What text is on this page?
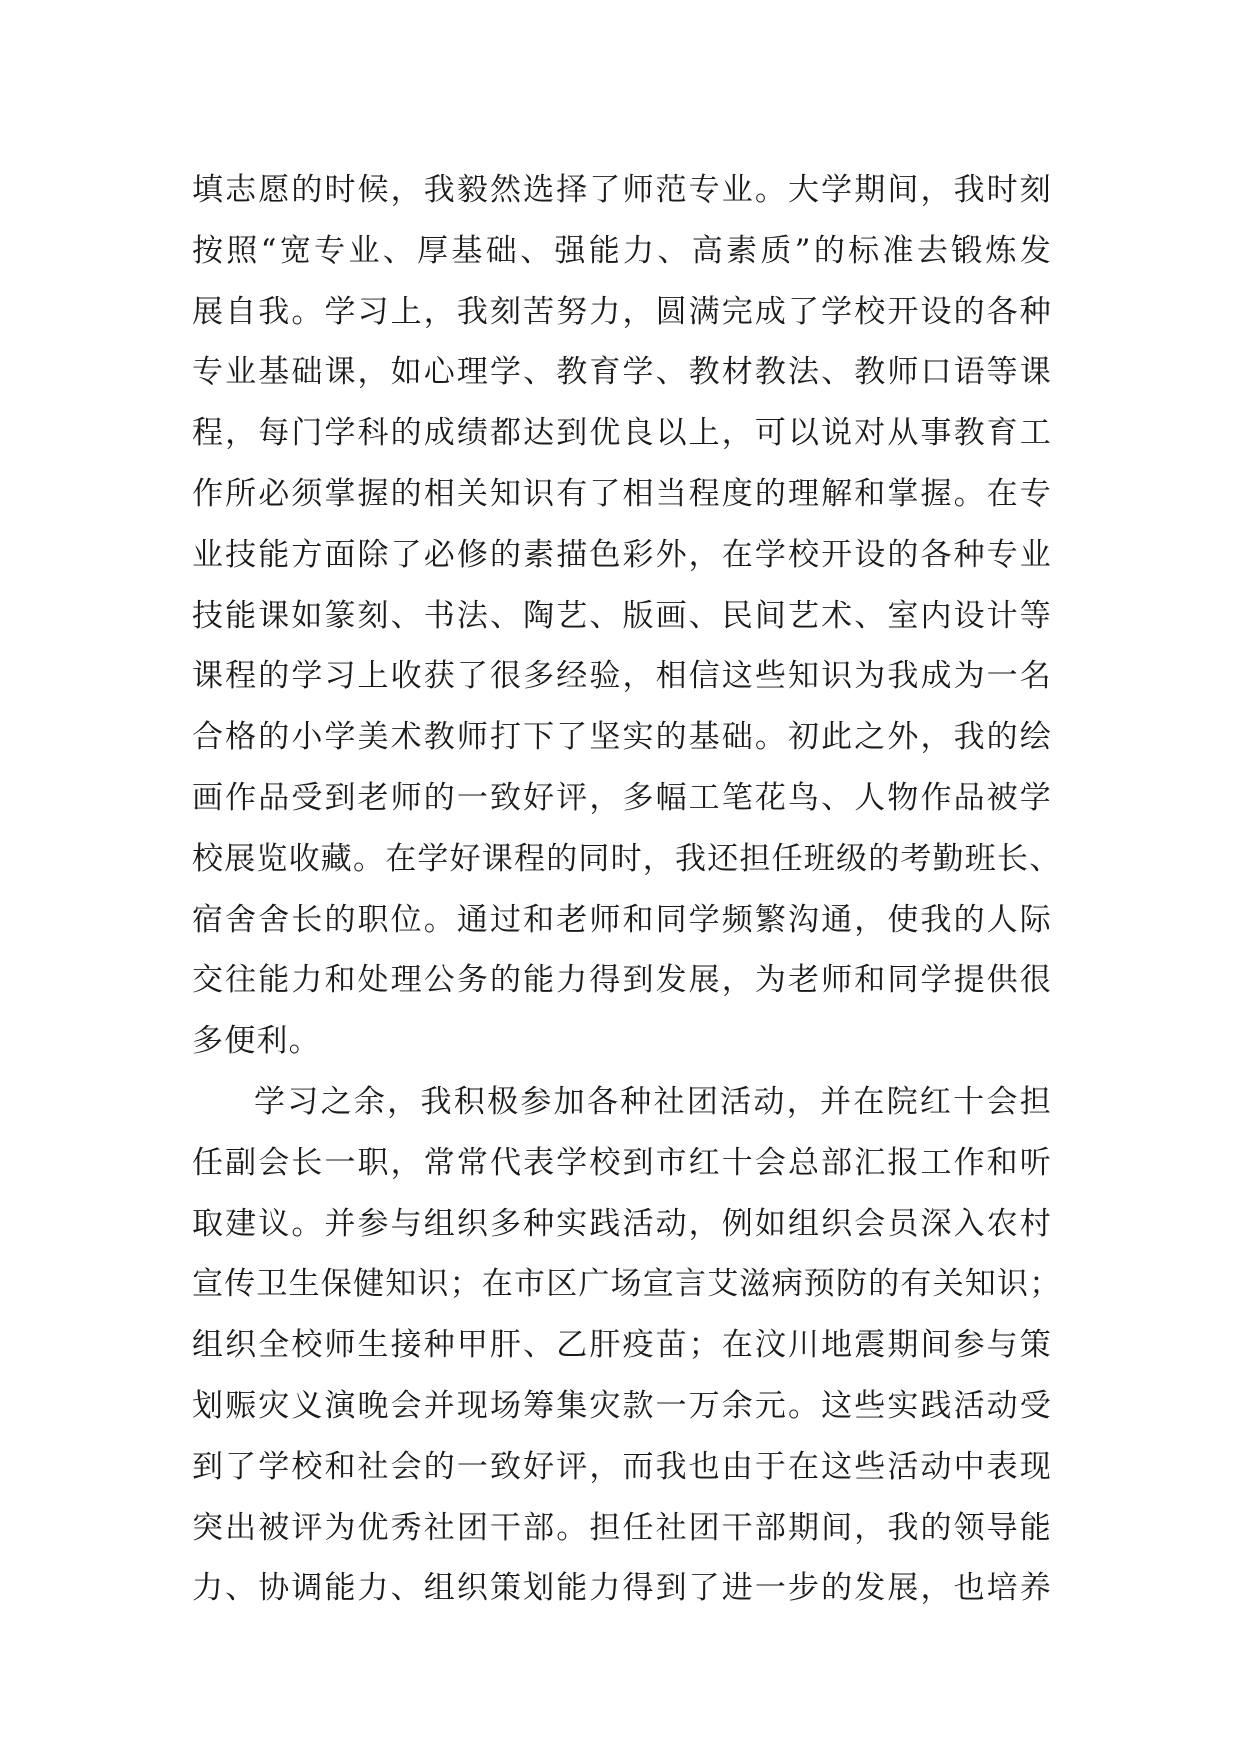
填志愿的时候，我毅然选择了师范专业。大学期间，我时刻
按照“宽专业、厚基础、强能力、高素质”的标准去锻炼发
展自我。学习上，我刻苦努力，圆满完成了学校开设的各种
专业基础课，如心理学、教育学、教材教法、教师口语等课
程，每门学科的成绩都达到优良以上，可以说对从事教育工
作所必须掌握的相关知识有了相当程度的理解和掌握。在专
业技能方面除了必修的素描色彩外，在学校开设的各种专业
技能课如篆刻、书法、陶艺、版画、民间艺术、室内设计等
课程的学习上收获了很多经验，相信这些知识为我成为一名
合格的小学美术教师打下了坚实的基础。初此之外，我的绘
画作品受到老师的一致好评，多幅工笔花鸟、人物作品被学
校展览收藏。在学好课程的同时，我还担任班级的考勤班长、
宿舍舍长的职位。通过和老师和同学频繁沟通，使我的人际
交往能力和处理公务的能力得到发展，为老师和同学提供很
多便利。

学习之余，我积极参加各种社团活动，并在院红十会担
任副会长一职，常常代表学校到市红十会总部汇报工作和听
取建议。并参与组织多种实践活动，例如组织会员深入农村
宣传卫生保健知识；在市区广场宣言艾滋病预防的有关知识；
组织全校师生接种甲肝、乙肝疫苗；在汶川地震期间参与策
划赈灾义演晚会并现场筹集灾款一万余元。这些实践活动受
到了学校和社会的一致好评，而我也由于在这些活动中表现
突出被评为优秀社团干部。担任社团干部期间，我的领导能
力、协调能力、组织策划能力得到了进一步的发展，也培养
